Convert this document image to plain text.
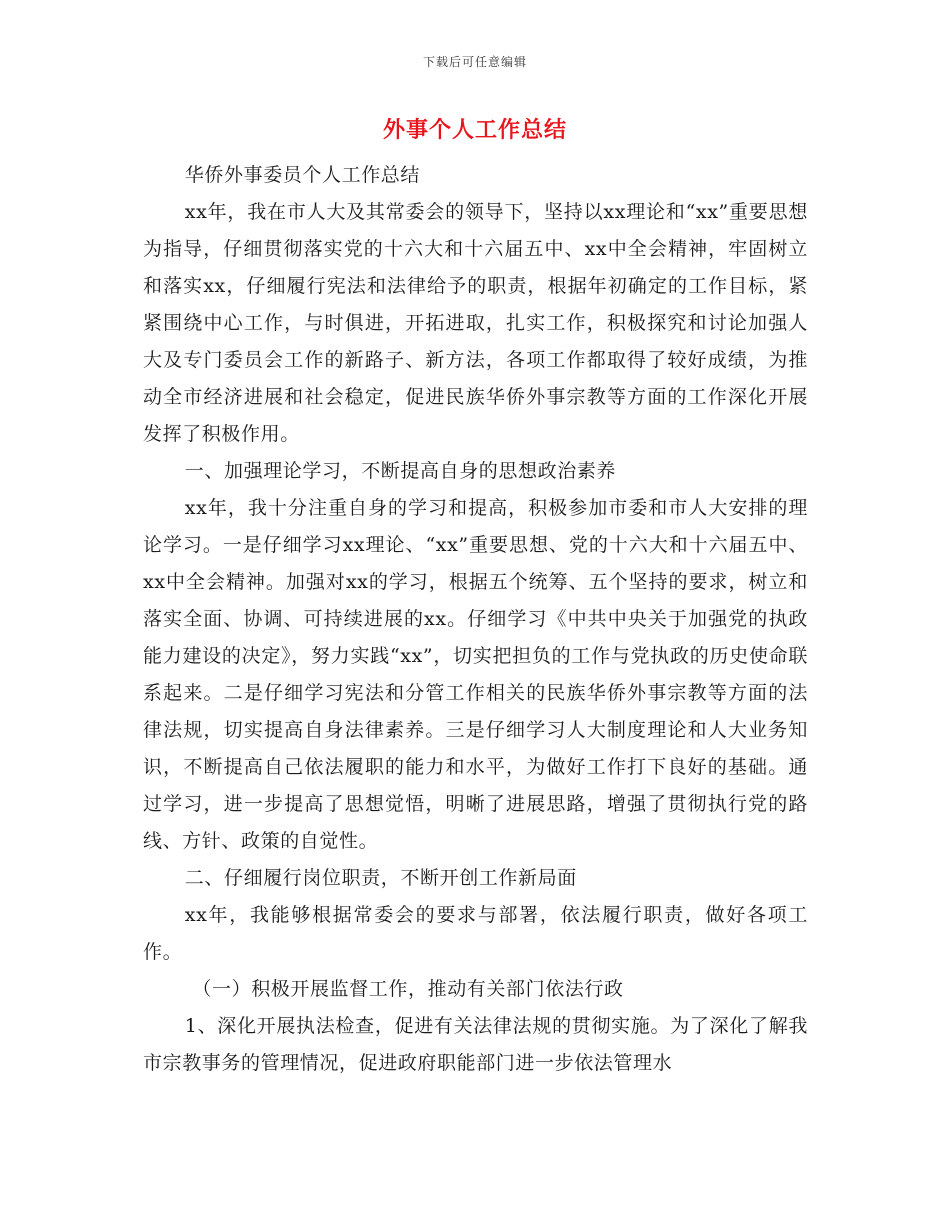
下载后可任意编辑
外事个人工作总结

华侨外事委员个人工作总结

xx年，我在市人大及其常委会的领导下，坚持以xx理论和“xx”重要思想为指导，仔细贯彻落实党的十六大和十六届五中、xx中全会精神，牢固树立和落实xx，仔细履行宪法和法律给予的职责，根据年初确定的工作目标，紧紧围绕中心工作，与时俱进，开拓进取，扎实工作，积极探究和讨论加强人大及专门委员会工作的新路子、新方法，各项工作都取得了较好成绩，为推动全市经济进展和社会稳定，促进民族华侨外事宗教等方面的工作深化开展发挥了积极作用。

一、加强理论学习，不断提高自身的思想政治素养

xx年，我十分注重自身的学习和提高，积极参加市委和市人大安排的理论学习。一是仔细学习xx理论、“xx”重要思想、党的十六大和十六届五中、xx中全会精神。加强对xx的学习，根据五个统筹、五个坚持的要求，树立和落实全面、协调、可持续进展的xx。仔细学习《中共中央关于加强党的执政能力建设的决定》，努力实践“xx”，切实把担负的工作与党执政的历史使命联系起来。二是仔细学习宪法和分管工作相关的民族华侨外事宗教等方面的法律法规，切实提高自身法律素养。三是仔细学习人大制度理论和人大业务知识，不断提高自己依法履职的能力和水平，为做好工作打下良好的基础。通过学习，进一步提高了思想觉悟，明晰了进展思路，增强了贯彻执行党的路线、方针、政策的自觉性。

二、仔细履行岗位职责，不断开创工作新局面

xx年，我能够根据常委会的要求与部署，依法履行职责，做好各项工作。

（一）积极开展监督工作，推动有关部门依法行政

1、深化开展执法检查，促进有关法律法规的贯彻实施。为了深化了解我市宗教事务的管理情况，促进政府职能部门进一步依法管理水
